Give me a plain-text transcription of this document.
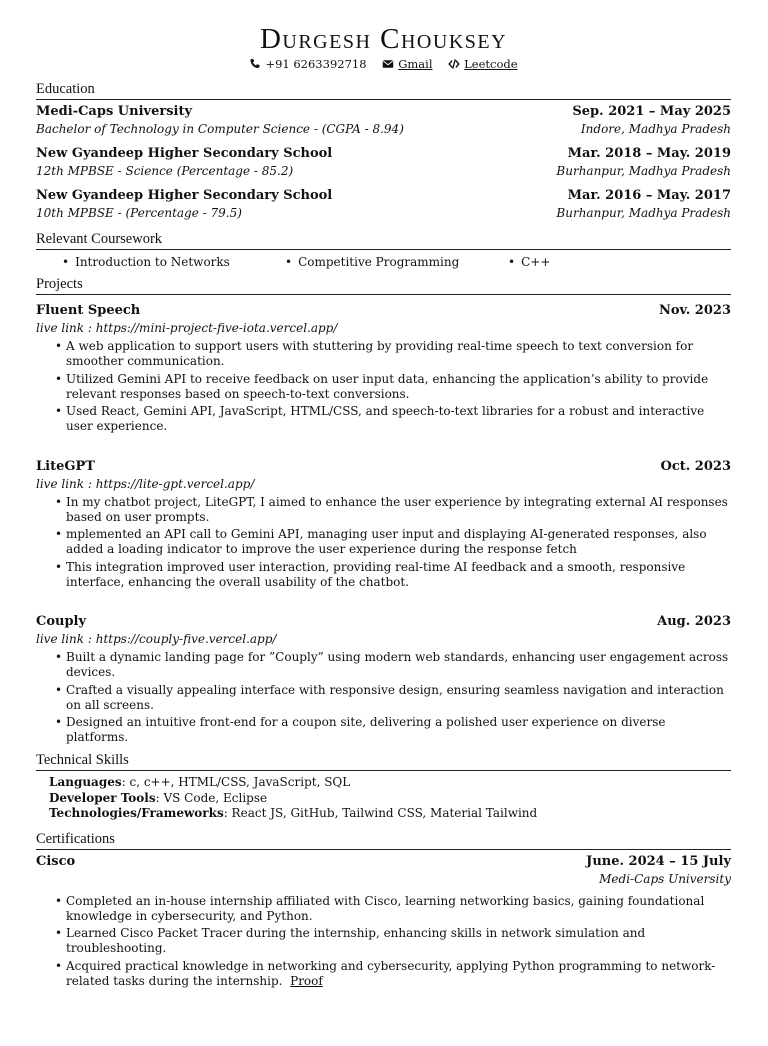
Durgesh Chouksey
+91 6263392718
	Gmail
	Leetcode
Education
Medi-Caps University	Sep. 2021 – May 2025
Bachelor of Technology in Computer Science - (CGPA - 8.94)	Indore, Madhya Pradesh
New Gyandeep Higher Secondary School	Mar. 2018 – May. 2019
12th MPBSE - Science (Percentage - 85.2)	Burhanpur, Madhya Pradesh
New Gyandeep Higher Secondary School	Mar. 2016 – May. 2017
10th MPBSE - (Percentage - 79.5)	Burhanpur, Madhya Pradesh
Relevant Coursework
• Introduction to Networks	• Competitive Programming	• C++
Projects
Fluent Speech	Nov. 2023
live link : https://mini-project-five-iota.vercel.app/
• A web application to support users with stuttering by providing real-time speech to text conversion for smoother communication.
• Utilized Gemini API to receive feedback on user input data, enhancing the application’s ability to provide relevant responses based on speech-to-text conversions.
• Used React, Gemini API, JavaScript, HTML/CSS, and speech-to-text libraries for a robust and interactive user experience.
LiteGPT	Oct. 2023
live link : https://lite-gpt.vercel.app/
• In my chatbot project, LiteGPT, I aimed to enhance the user experience by integrating external AI responses based on user prompts.
• mplemented an API call to Gemini API, managing user input and displaying AI-generated responses, also added a loading indicator to improve the user experience during the response fetch
• This integration improved user interaction, providing real-time AI feedback and a smooth, responsive interface, enhancing the overall usability of the chatbot.
Couply	Aug. 2023
live link : https://couply-five.vercel.app/
• Built a dynamic landing page for ”Couply” using modern web standards, enhancing user engagement across devices.
• Crafted a visually appealing interface with responsive design, ensuring seamless navigation and interaction on all screens.
• Designed an intuitive front-end for a coupon site, delivering a polished user experience on diverse platforms.
Technical Skills
Languages: c, c++, HTML/CSS, JavaScript, SQL
Developer Tools: VS Code, Eclipse
Technologies/Frameworks: React JS, GitHub, Tailwind CSS, Material Tailwind
Certifications
Cisco	June. 2024 – 15 July
Medi-Caps University
• Completed an in-house internship affiliated with Cisco, learning networking basics, gaining foundational knowledge in cybersecurity, and Python.
• Learned Cisco Packet Tracer during the internship, enhancing skills in network simulation and troubleshooting.
• Acquired practical knowledge in networking and cybersecurity, applying Python programming to network-related tasks during the internship. Proof
